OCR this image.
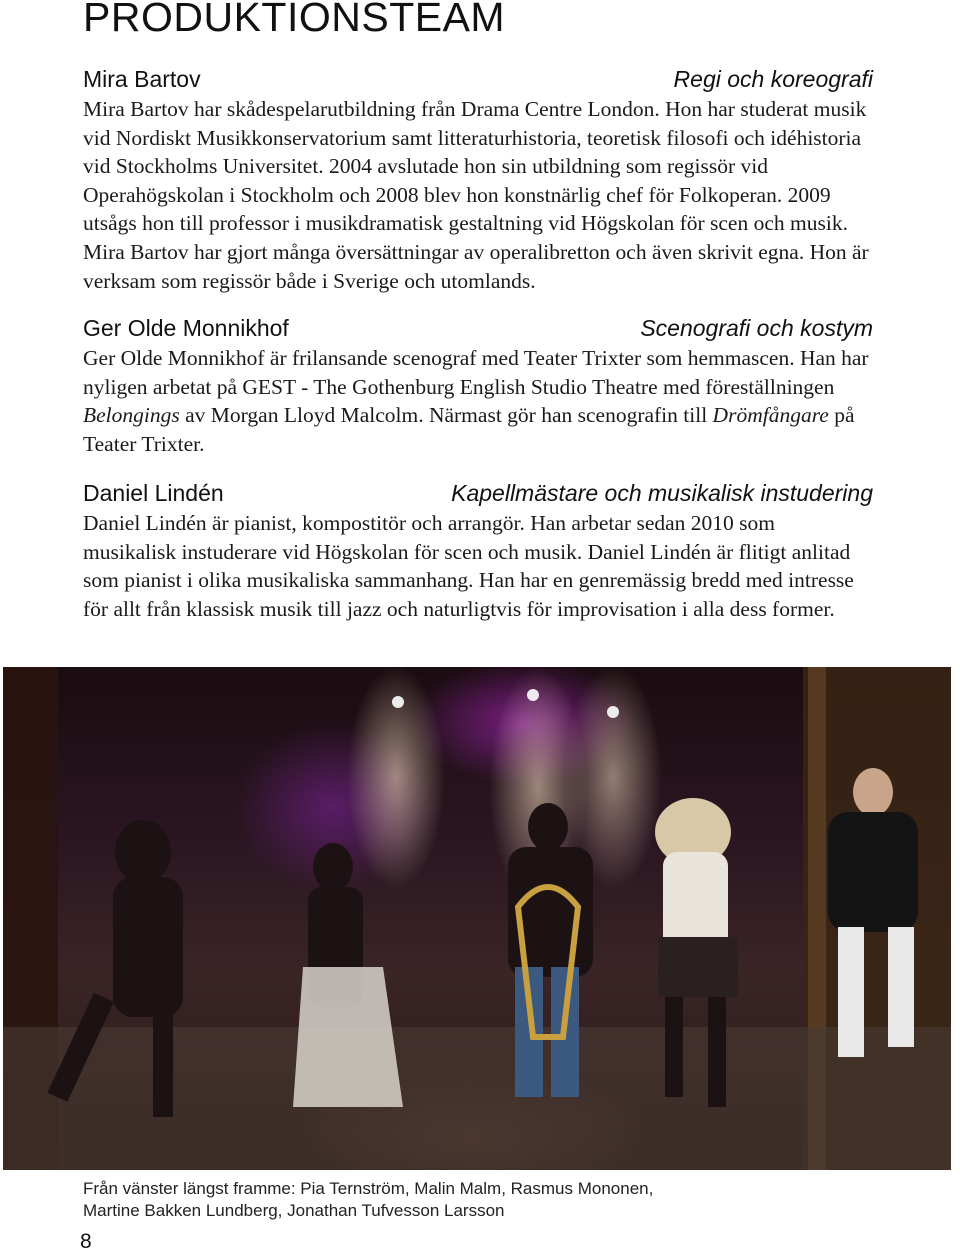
PRODUKTIONSTEAM
Mira Bartov	Regi och koreografi

Mira Bartov har skådespelarutbildning från Drama Centre London. Hon har studerat musik vid Nordiskt Musikkonservatorium samt litteraturhistoria, teoretisk filosofi och idéhistoria vid Stockholms Universitet. 2004 avslutade hon sin utbildning som regissör vid Operahögskolan i Stockholm och 2008 blev hon konstnärlig chef för Folkoperan. 2009 utsågs hon till professor i musikdramatisk gestaltning vid Högskolan för scen och musik. Mira Bartov har gjort många översättningar av operalibretton och även skrivit egna. Hon är verksam som regissör både i Sverige och utomlands.

Ger Olde Monnikhof	Scenografi och kostym

Ger Olde Monnikhof är frilansande scenograf med Teater Trixter som hemmascen. Han har nyligen arbetat på GEST - The Gothenburg English Studio Theatre med föreställningen Belongings av Morgan Lloyd Malcolm. Närmast gör han scenografin till Drömfångare på Teater Trixter.

Daniel Lindén	Kapellmästare och musikalisk instudering

Daniel Lindén är pianist, kompostitör och arrangör. Han arbetar sedan 2010 som musikalisk instuderare vid Högskolan för scen och musik. Daniel Lindén är flitigt anlitad som pianist i olika musikaliska sammanhang. Han har en genremässig bredd med intresse för allt från klassisk musik till jazz och naturligtvis för improvisation i alla dess former.

Från vänster längst framme: Pia Ternström, Malin Malm, Rasmus Mononen,
Martine Bakken Lundberg, Jonathan Tufvesson Larsson

8
